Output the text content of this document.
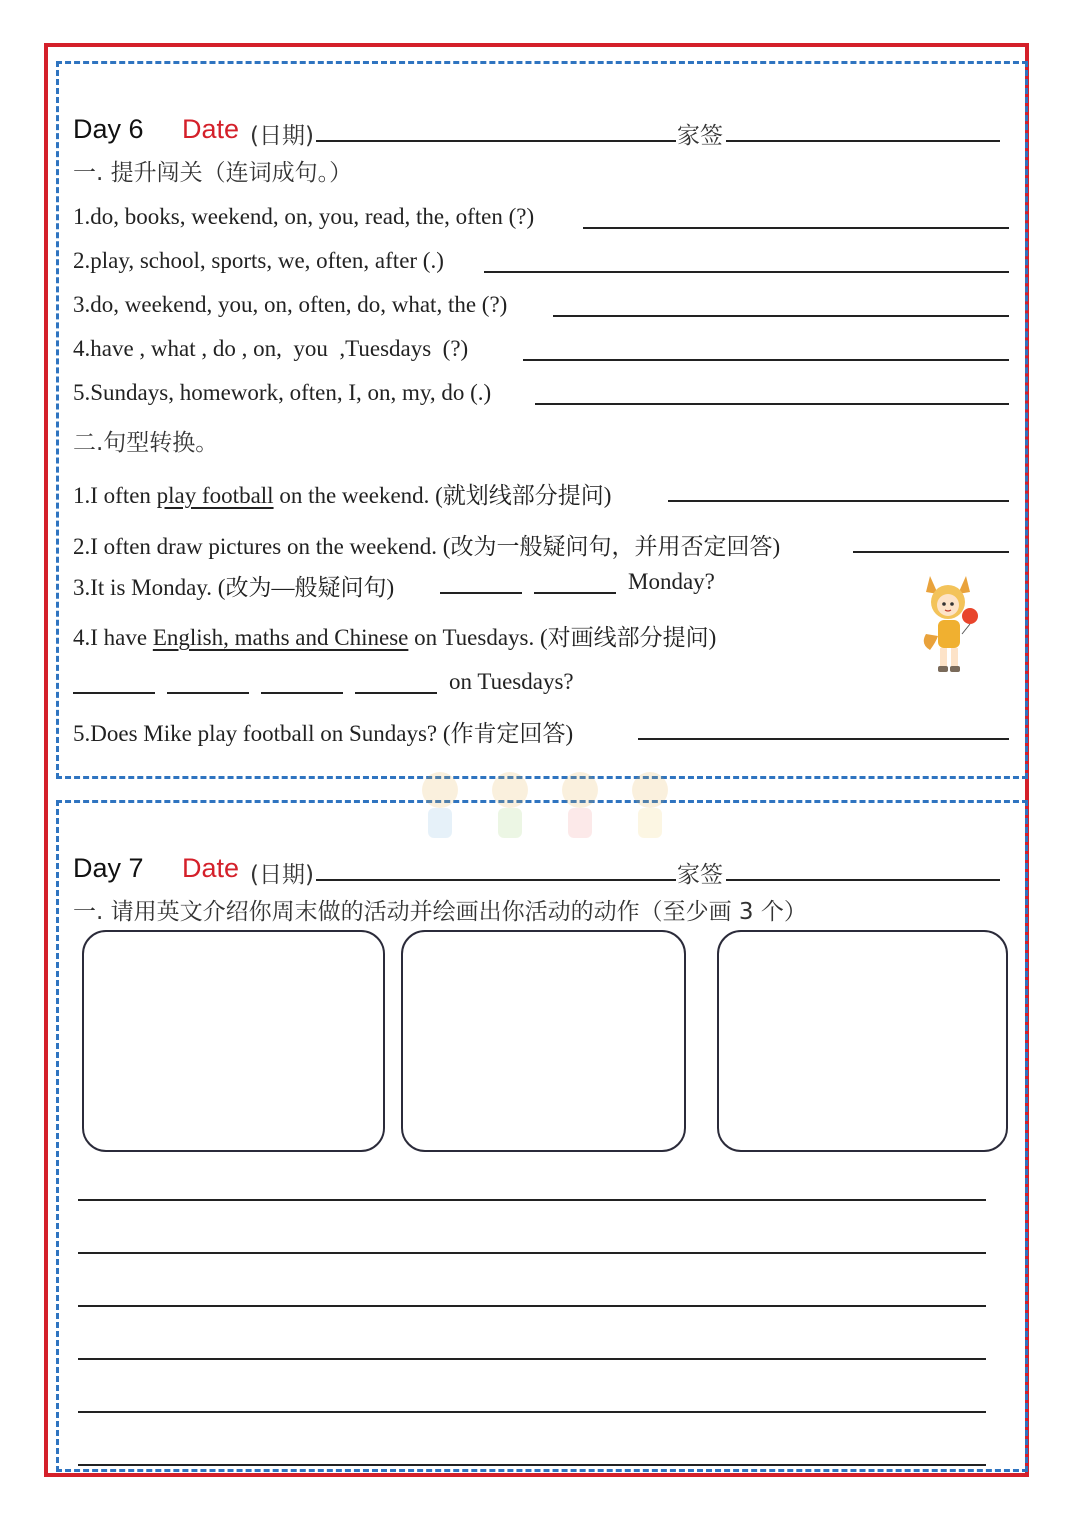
Day 6 Date (日期)	家签
一. 提升闯关（连词成句。）
1.do, books, weekend, on, you, read, the, often (?)
2.play, school, sports, we, often, after (.)
3.do, weekend, you, on, often, do, what, the (?)
4.have , what , do , on,  you  ,Tuesdays  (?)
5.Sundays, homework, often, I, on, my, do (.)
二.句型转换。
1.I often play football on the weekend. (就划线部分提问)
2.I often draw pictures on the weekend. (改为一般疑问句，并用否定回答)
3.It is Monday. (改为—般疑问句)	Monday?
4.I have English, maths and Chinese on Tuesdays. (对画线部分提问)
on Tuesdays?
5.Does Mike play football on Sundays? (作肯定回答)
Day 7 Date (日期)	家签
一. 请用英文介绍你周末做的活动并绘画出你活动的动作（至少画 3 个）
